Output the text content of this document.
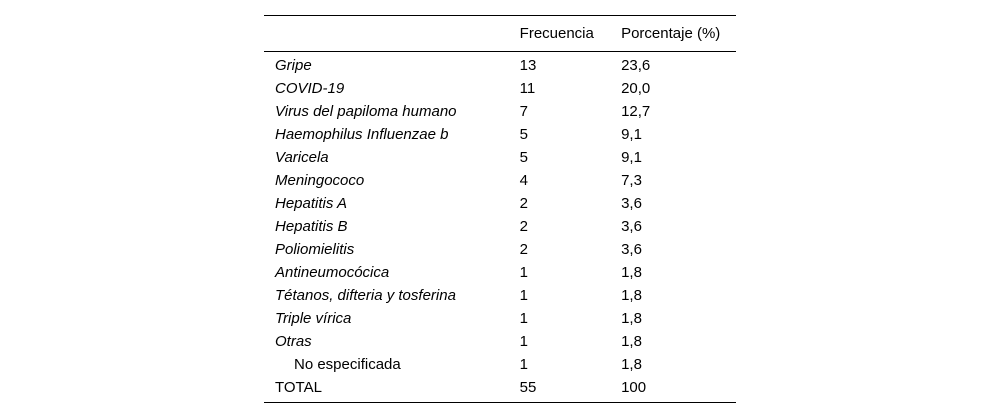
	Frecuencia	Porcentaje (%)
Gripe	13	23,6
COVID-19	11	20,0
Virus del papiloma humano	7	12,7
Haemophilus Influenzae b	5	9,1
Varicela	5	9,1
Meningococo	4	7,3
Hepatitis A	2	3,6
Hepatitis B	2	3,6
Poliomielitis	2	3,6
Antineumocócica	1	1,8
Tétanos, difteria y tosferina	1	1,8
Triple vírica	1	1,8
Otras	1	1,8
No especificada	1	1,8
TOTAL	55	100
